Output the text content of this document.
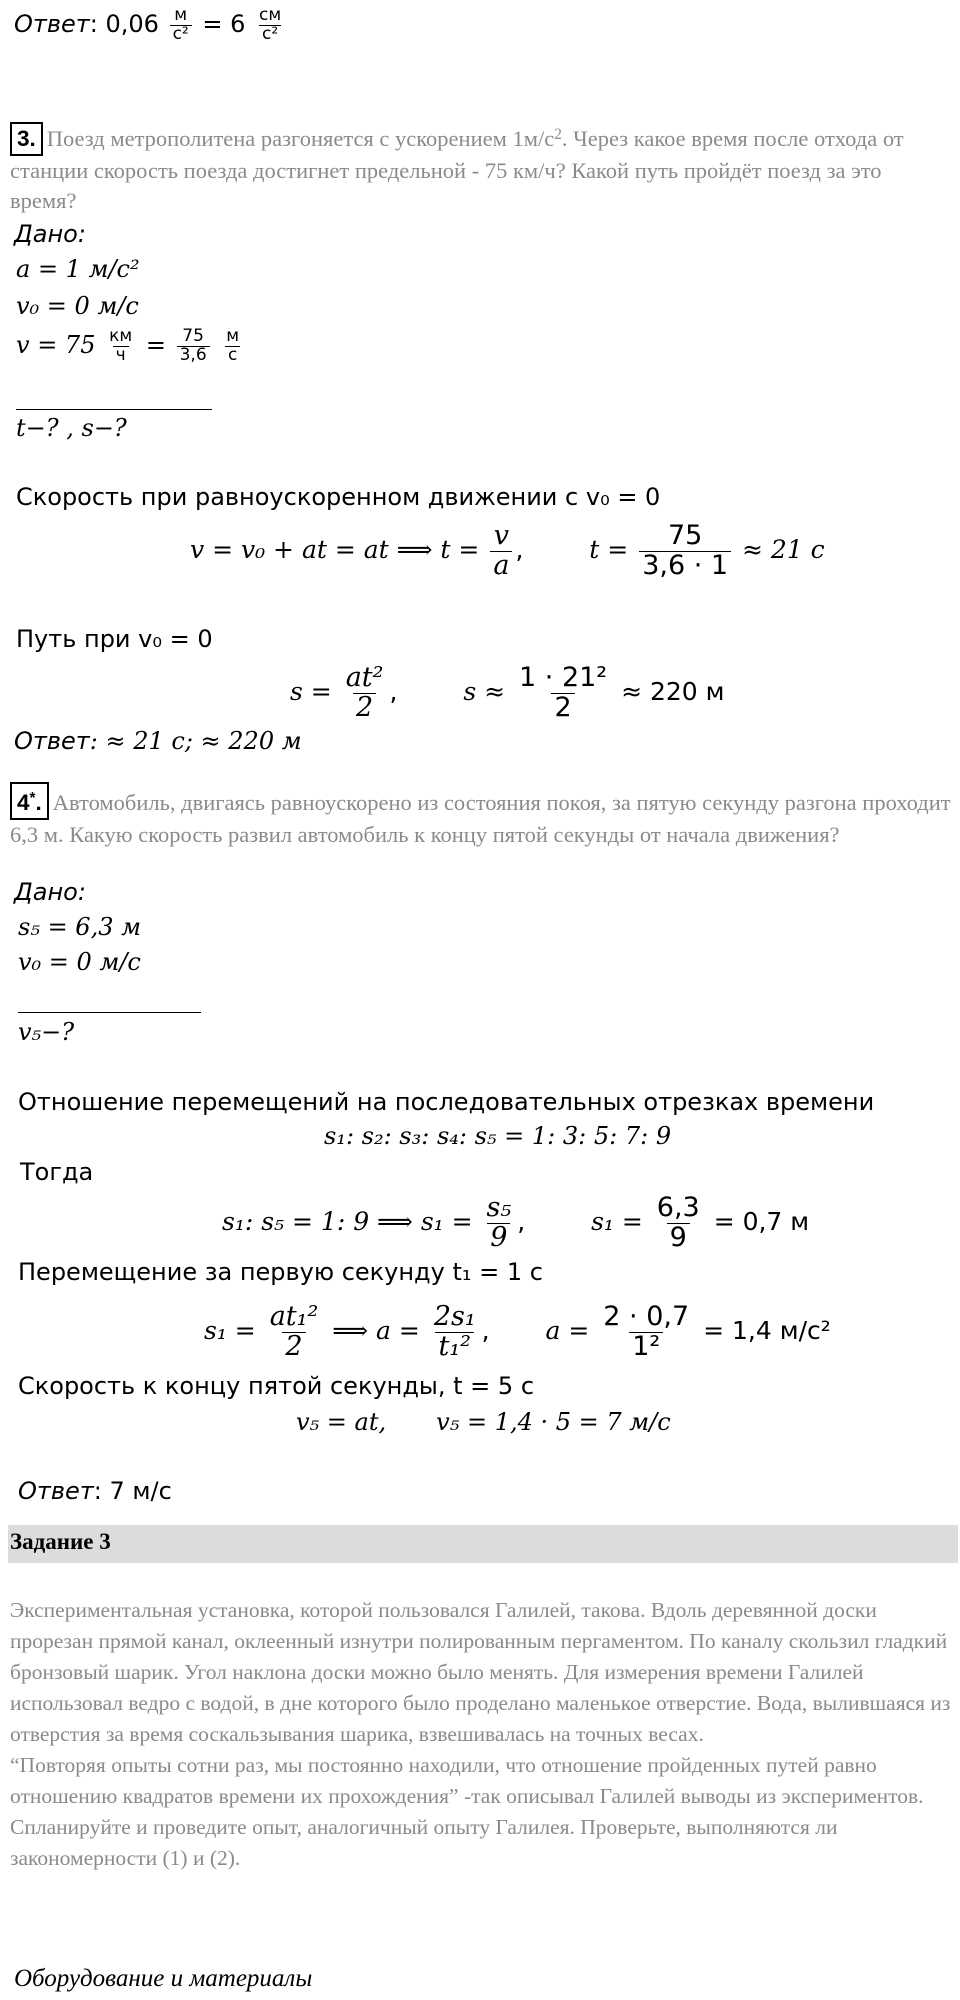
Ответ: $0,06 \frac{м}{\text{с²}} = 6 \frac{см}{\text{с²}}$
3. Поезд метрополитена разгоняется с ускорением $1м/с^2$. Через какое время после отхода от станции скорость поезда достигнет предельной - 75 км/ч? Какой путь пройдёт поезд за это время?
Дано:
a = 1 м/с²
v₀ = 0 м/с
$v = 75 \frac{км}{ч} = \frac{75}{3,6}$
$\frac{м}{с}$
t−? , s−?
Скорость при равноускоренном движении с v₀ = 0
v = v₀ + at = at ⟹ $t = \frac{v}{a}$ ,	$t = \frac{75}{3,6 \cdot 1} \approx 21$ с
Путь при v₀ = 0
$s = \frac{\text{at²}}{2}$ ,	$s \approx \frac{\text{1 · 21²}}{2} \approx 220$ м
Ответ: ≈ 21 с; ≈ 220 м
4*. Автомобиль, двигаясь равноускорено из состояния покоя, за пятую секунду разгона проходит 6,3 м. Какую скорость развил автомобиль к концу пятой секунды от начала движения?
Дано:
s₅ = 6,3 м
v₀ = 0 м/с
v₅−?
Отношение перемещений на последовательных отрезках времени
s₁: s₂: s₃: s₄: s₅ = 1: 3: 5: 7: 9
Тогда
s₁: s₅ = 1: 9 ⟹ $s_1 = \frac{\text{s₅}}{9}$ ,	$s_1 = \frac{6,3}{9} = 0,7$ м
Перемещение за первую секунду t₁ = 1 с
$s_1 = \frac{\text{at₁²}}{2}$ ⟹ $a = \frac{\text{2s₁}}{\text{t₁²}}$ , $a = \frac{2 \cdot 0,7}{\text{1²}} = 1,4$ м/с²
Скорость к концу пятой секунды, t = 5 с
v₅ = at, v₅ = 1,4 · 5 = 7 м/с
Ответ: 7 м/с
Задание 3
Экспериментальная установка, которой пользовался Галилей, такова. Вдоль деревянной доски прорезан прямой канал, оклеенный изнутри полированным пергаментом. По каналу скользил гладкий бронзовый шарик. Угол наклона доски можно было менять. Для измерения времени Галилей использовал ведро с водой, в дне которого было проделано маленькое отверстие. Вода, вылившаяся из отверстия за время соскальзывания шарика, взвешивалась на точных весах.
“Повторяя опыты сотни раз, мы постоянно находили, что отношение пройденных путей равно отношению квадратов времени их прохождения” -так описывал Галилей выводы из экспериментов.
Спланируйте и проведите опыт, аналогичный опыту Галилея. Проверьте, выполняются ли закономерности (1) и (2).
Оборудование и материалы
